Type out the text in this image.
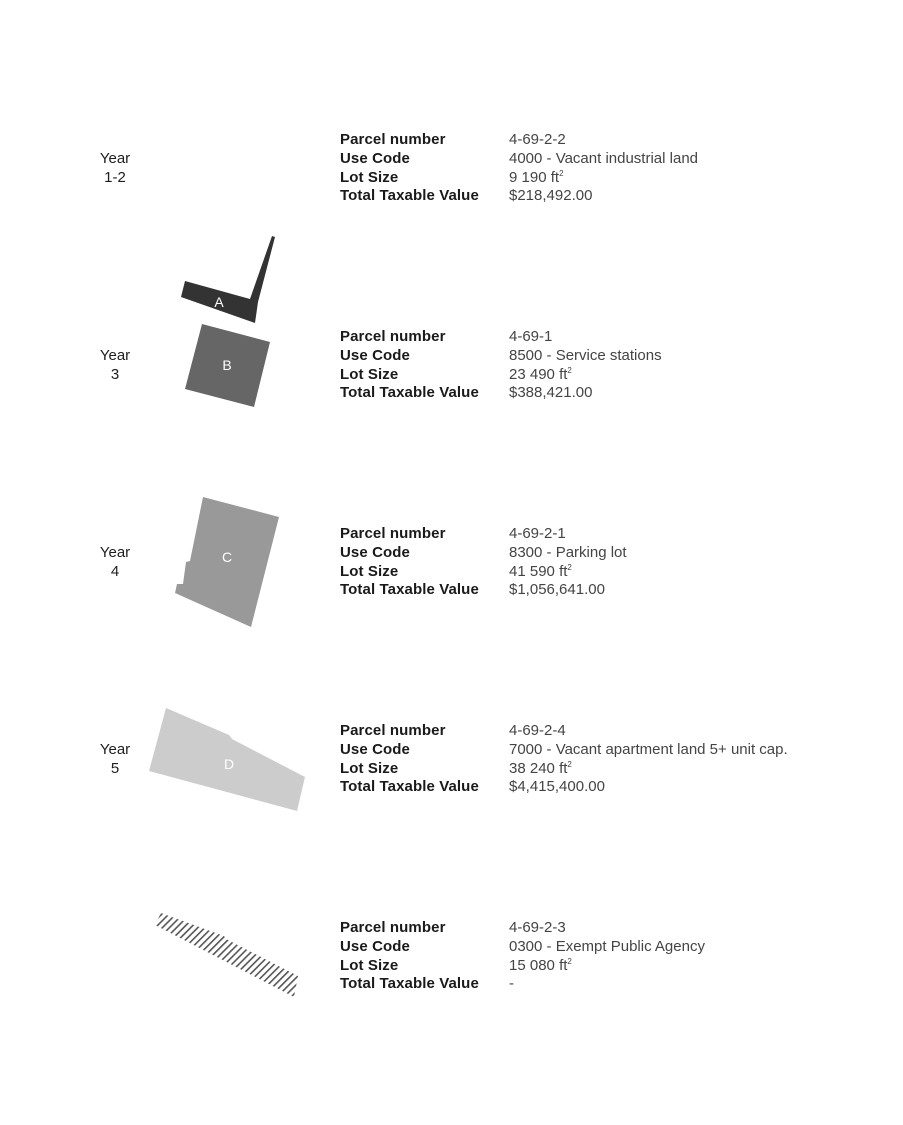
Year
1-2
A
Parcel number	4-69-2-2
Use Code	4000 - Vacant industrial land
Lot Size	9 190 $ft^2$
Total Taxable Value	$218,492.00
Year
3
B
Parcel number	4-69-1
Use Code	8500 - Service stations
Lot Size	23 490 $ft^2$
Total Taxable Value	$388,421.00
Year
4
C
Parcel number	4-69-2-1
Use Code	8300 - Parking lot
Lot Size	41 590 $ft^2$
Total Taxable Value	$1,056,641.00
Year
5	D
Parcel number	4-69-2-4
Use Code	7000 - Vacant apartment land 5+ unit cap.
Lot Size	38 240 $ft^2$
Total Taxable Value	$4,415,400.00
Parcel number	4-69-2-3
Use Code	0300 - Exempt Public Agency
Lot Size	15 080 $ft^2$
Total Taxable Value	-
